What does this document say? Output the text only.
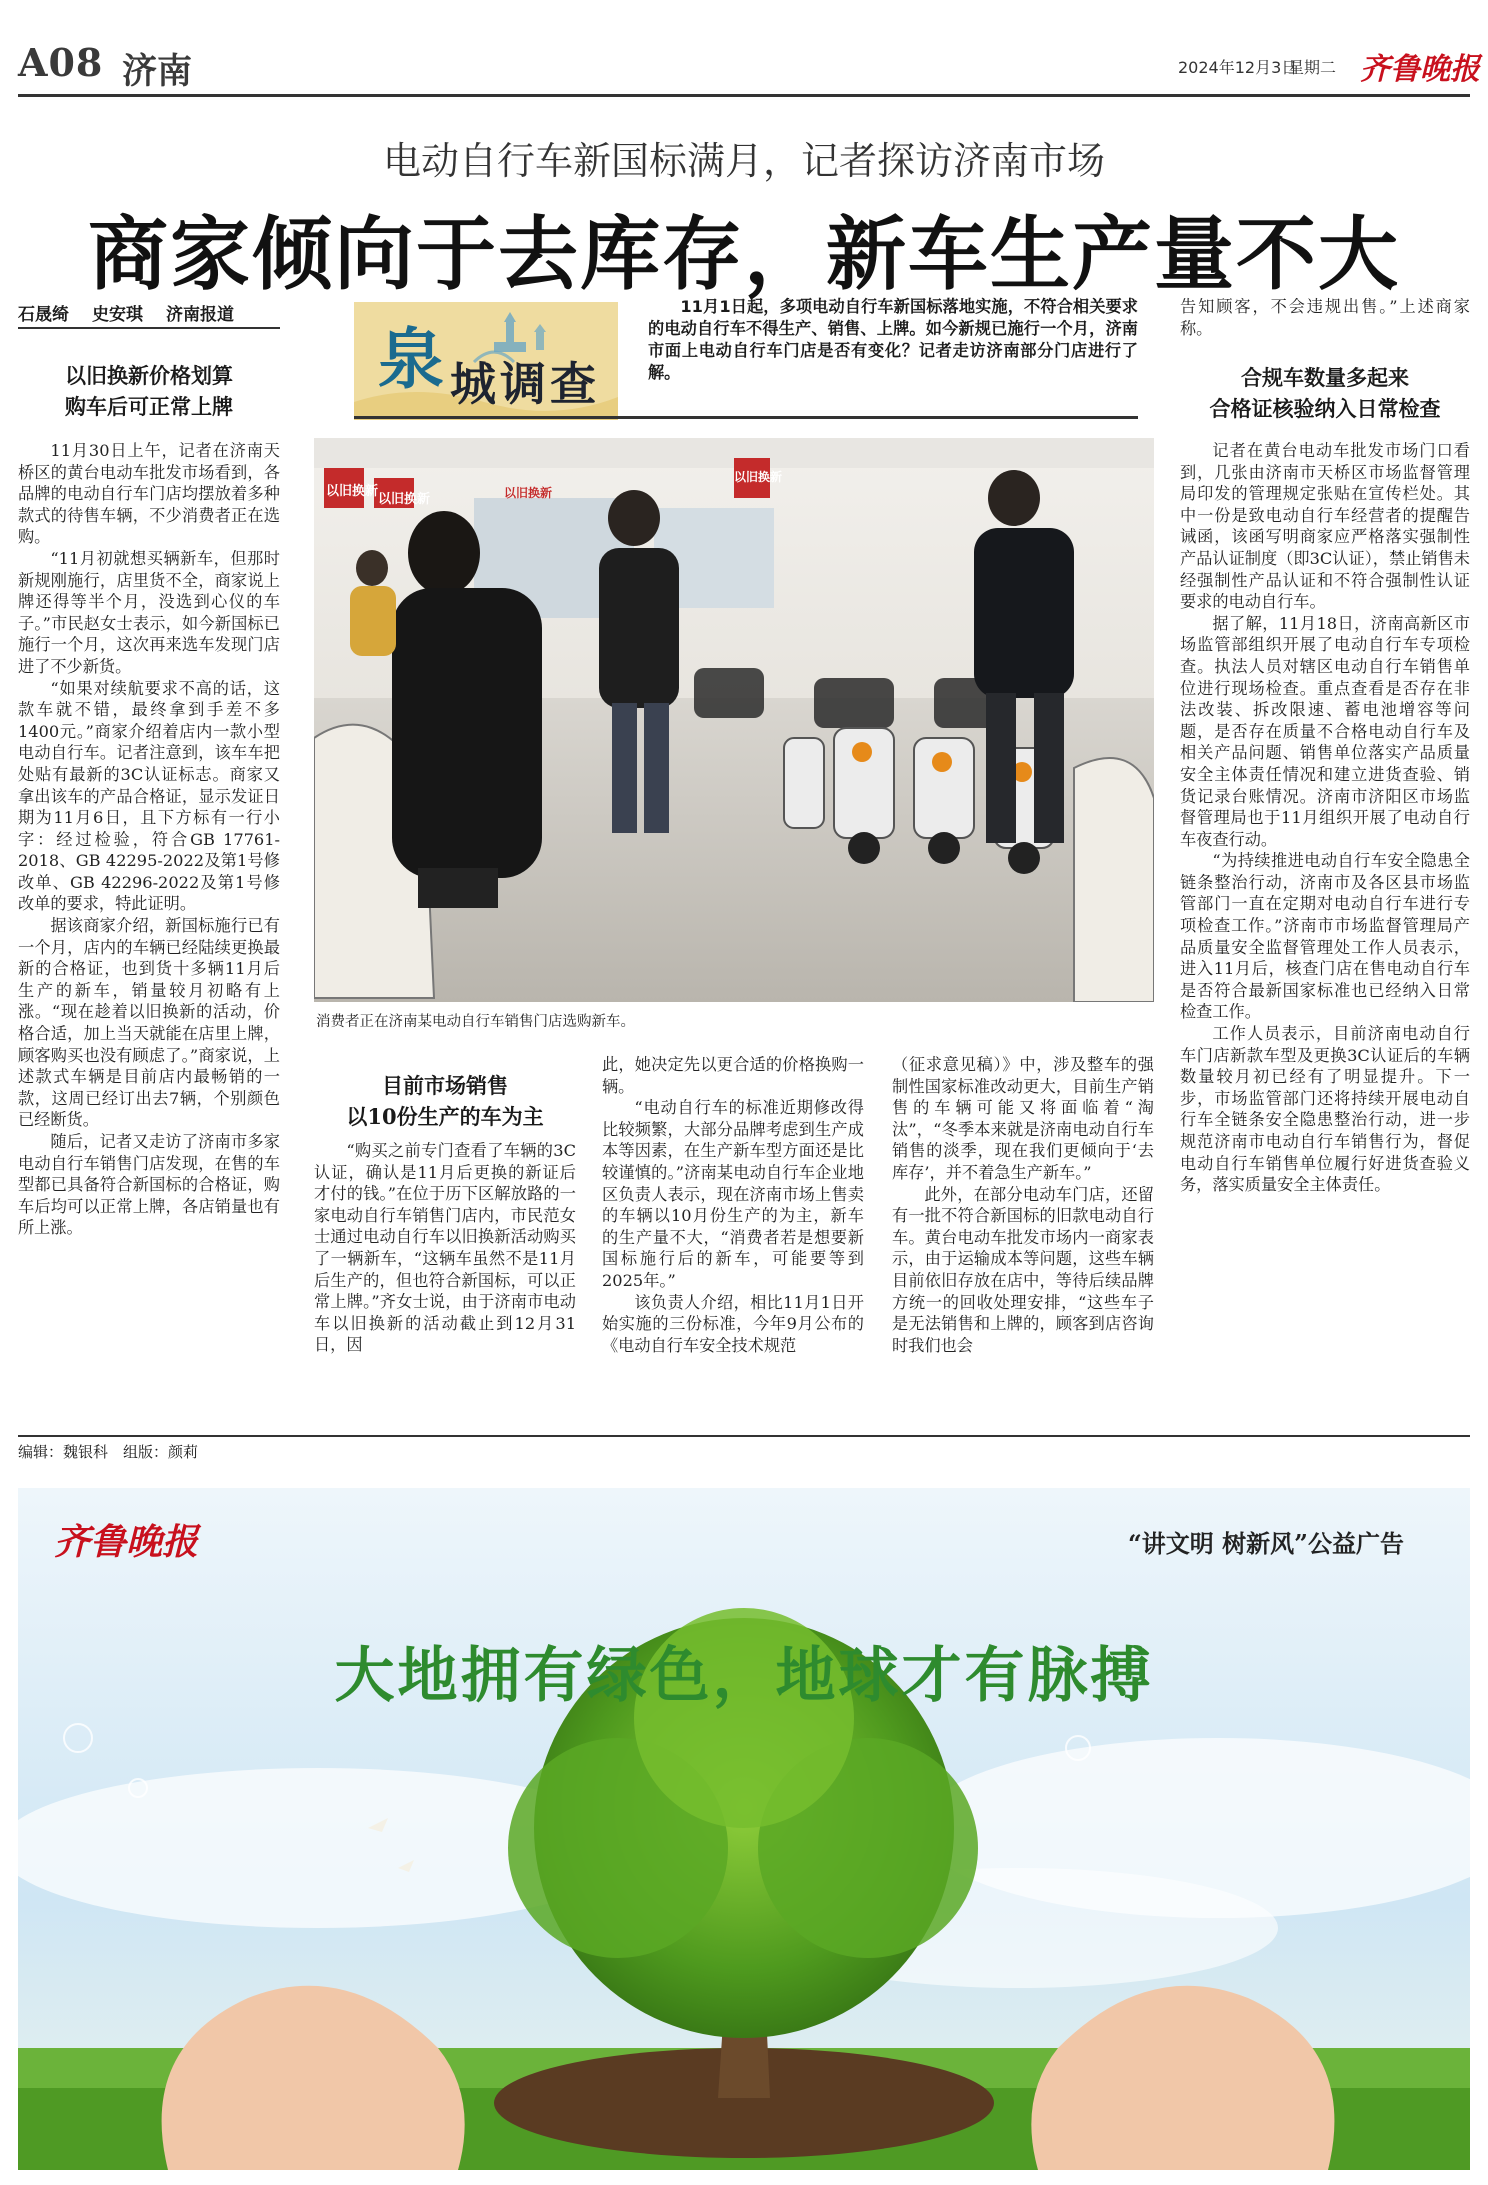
A08 济南	2024年12月3日
星期二 齐鲁晚报
电动自行车新国标满月，记者探访济南市场
商家倾向于去库存，新车生产量不大
石晟绮 史安琪 济南报道
泉 城调查
11月1日起，多项电动自行车新国标落地实施，不符合相关要求的电动自行车不得生产、销售、上牌。如今新规已施行一个月，济南市面上电动自行车门店是否有变化？记者走访济南部分门店进行了解。
以旧换新价格划算
购车后可正常上牌

11月30日上午，记者在济南天桥区的黄台电动车批发市场看到，各品牌的电动自行车门店均摆放着多种款式的待售车辆，不少消费者正在选购。

“11月初就想买辆新车，但那时新规刚施行，店里货不全，商家说上牌还得等半个月，没选到心仪的车子。”市民赵女士表示，如今新国标已施行一个月，这次再来选车发现门店进了不少新货。

“如果对续航要求不高的话，这款车就不错，最终拿到手差不多1400元。”商家介绍着店内一款小型电动自行车。记者注意到，该车车把处贴有最新的3C认证标志。商家又拿出该车的产品合格证，显示发证日期为11月6日，且下方标有一行小字：经过检验，符合GB 17761-2018、GB 42295-2022及第1号修改单、GB 42296-2022及第1号修改单的要求，特此证明。

据该商家介绍，新国标施行已有一个月，店内的车辆已经陆续更换最新的合格证，也到货十多辆11月后生产的新车，销量较月初略有上涨。“现在趁着以旧换新的活动，价格合适，加上当天就能在店里上牌，顾客购买也没有顾虑了。”商家说，上述款式车辆是目前店内最畅销的一款，这周已经订出去7辆，个别颜色已经断货。

随后，记者又走访了济南市多家电动自行车销售门店发现，在售的车型都已具备符合新国标的合格证，购车后均可以正常上牌，各店销量也有所上涨。

以旧换新
以旧换新
以旧换新
以旧换新
消费者正在济南某电动自行车销售门店选购新车。
目前市场销售
以10份生产的车为主

“购买之前专门查看了车辆的3C认证，确认是11月后更换的新证后才付的钱。”在位于历下区解放路的一家电动自行车销售门店内，市民范女士通过电动自行车以旧换新活动购买了一辆新车，“这辆车虽然不是11月后生产的，但也符合新国标，可以正常上牌。”齐女士说，由于济南市电动车以旧换新的活动截止到12月31日，因

此，她决定先以更合适的价格换购一辆。

“电动自行车的标准近期修改得比较频繁，大部分品牌考虑到生产成本等因素，在生产新车型方面还是比较谨慎的。”济南某电动自行车企业地区负责人表示，现在济南市场上售卖的车辆以10月份生产的为主，新车的生产量不大，“消费者若是想要新国标施行后的新车，可能要等到2025年。”

该负责人介绍，相比11月1日开始实施的三份标准，今年9月公布的《电动自行车安全技术规范

（征求意见稿）》中，涉及整车的强制性国家标准改动更大，目前生产销售的车辆可能又将面临着“淘汰”，“冬季本来就是济南电动自行车销售的淡季，现在我们更倾向于‘去库存’，并不着急生产新车。”

此外，在部分电动车门店，还留有一批不符合新国标的旧款电动自行车。黄台电动车批发市场内一商家表示，由于运输成本等问题，这些车辆目前依旧存放在店中，等待后续品牌方统一的回收处理安排，“这些车子是无法销售和上牌的，顾客到店咨询时我们也会

告知顾客，不会违规出售。”上述商家称。
合规车数量多起来
合格证核验纳入日常检查

记者在黄台电动车批发市场门口看到，几张由济南市天桥区市场监督管理局印发的管理规定张贴在宣传栏处。其中一份是致电动自行车经营者的提醒告诫函，该函写明商家应严格落实强制性产品认证制度（即3C认证），禁止销售未经强制性产品认证和不符合强制性认证要求的电动自行车。

据了解，11月18日，济南高新区市场监管部组织开展了电动自行车专项检查。执法人员对辖区电动自行车销售单位进行现场检查。重点查看是否存在非法改装、拆改限速、蓄电池增容等问题，是否存在质量不合格电动自行车及相关产品问题、销售单位落实产品质量安全主体责任情况和建立进货查验、销货记录台账情况。济南市济阳区市场监督管理局也于11月组织开展了电动自行车夜查行动。

“为持续推进电动自行车安全隐患全链条整治行动，济南市及各区县市场监管部门一直在定期对电动自行车进行专项检查工作。”济南市市场监督管理局产品质量安全监督管理处工作人员表示，进入11月后，核查门店在售电动自行车是否符合最新国家标准也已经纳入日常检查工作。

工作人员表示，目前济南电动自行车门店新款车型及更换3C认证后的车辆数量较月初已经有了明显提升。下一步，市场监管部门还将持续开展电动自行车全链条安全隐患整治行动，进一步规范济南市电动自行车销售行为，督促电动自行车销售单位履行好进货查验义务，落实质量安全主体责任。

编辑：魏银科　组版：颜莉
齐鲁晚报	“讲文明 树新风”公益广告
大地拥有绿色，地球才有脉搏
